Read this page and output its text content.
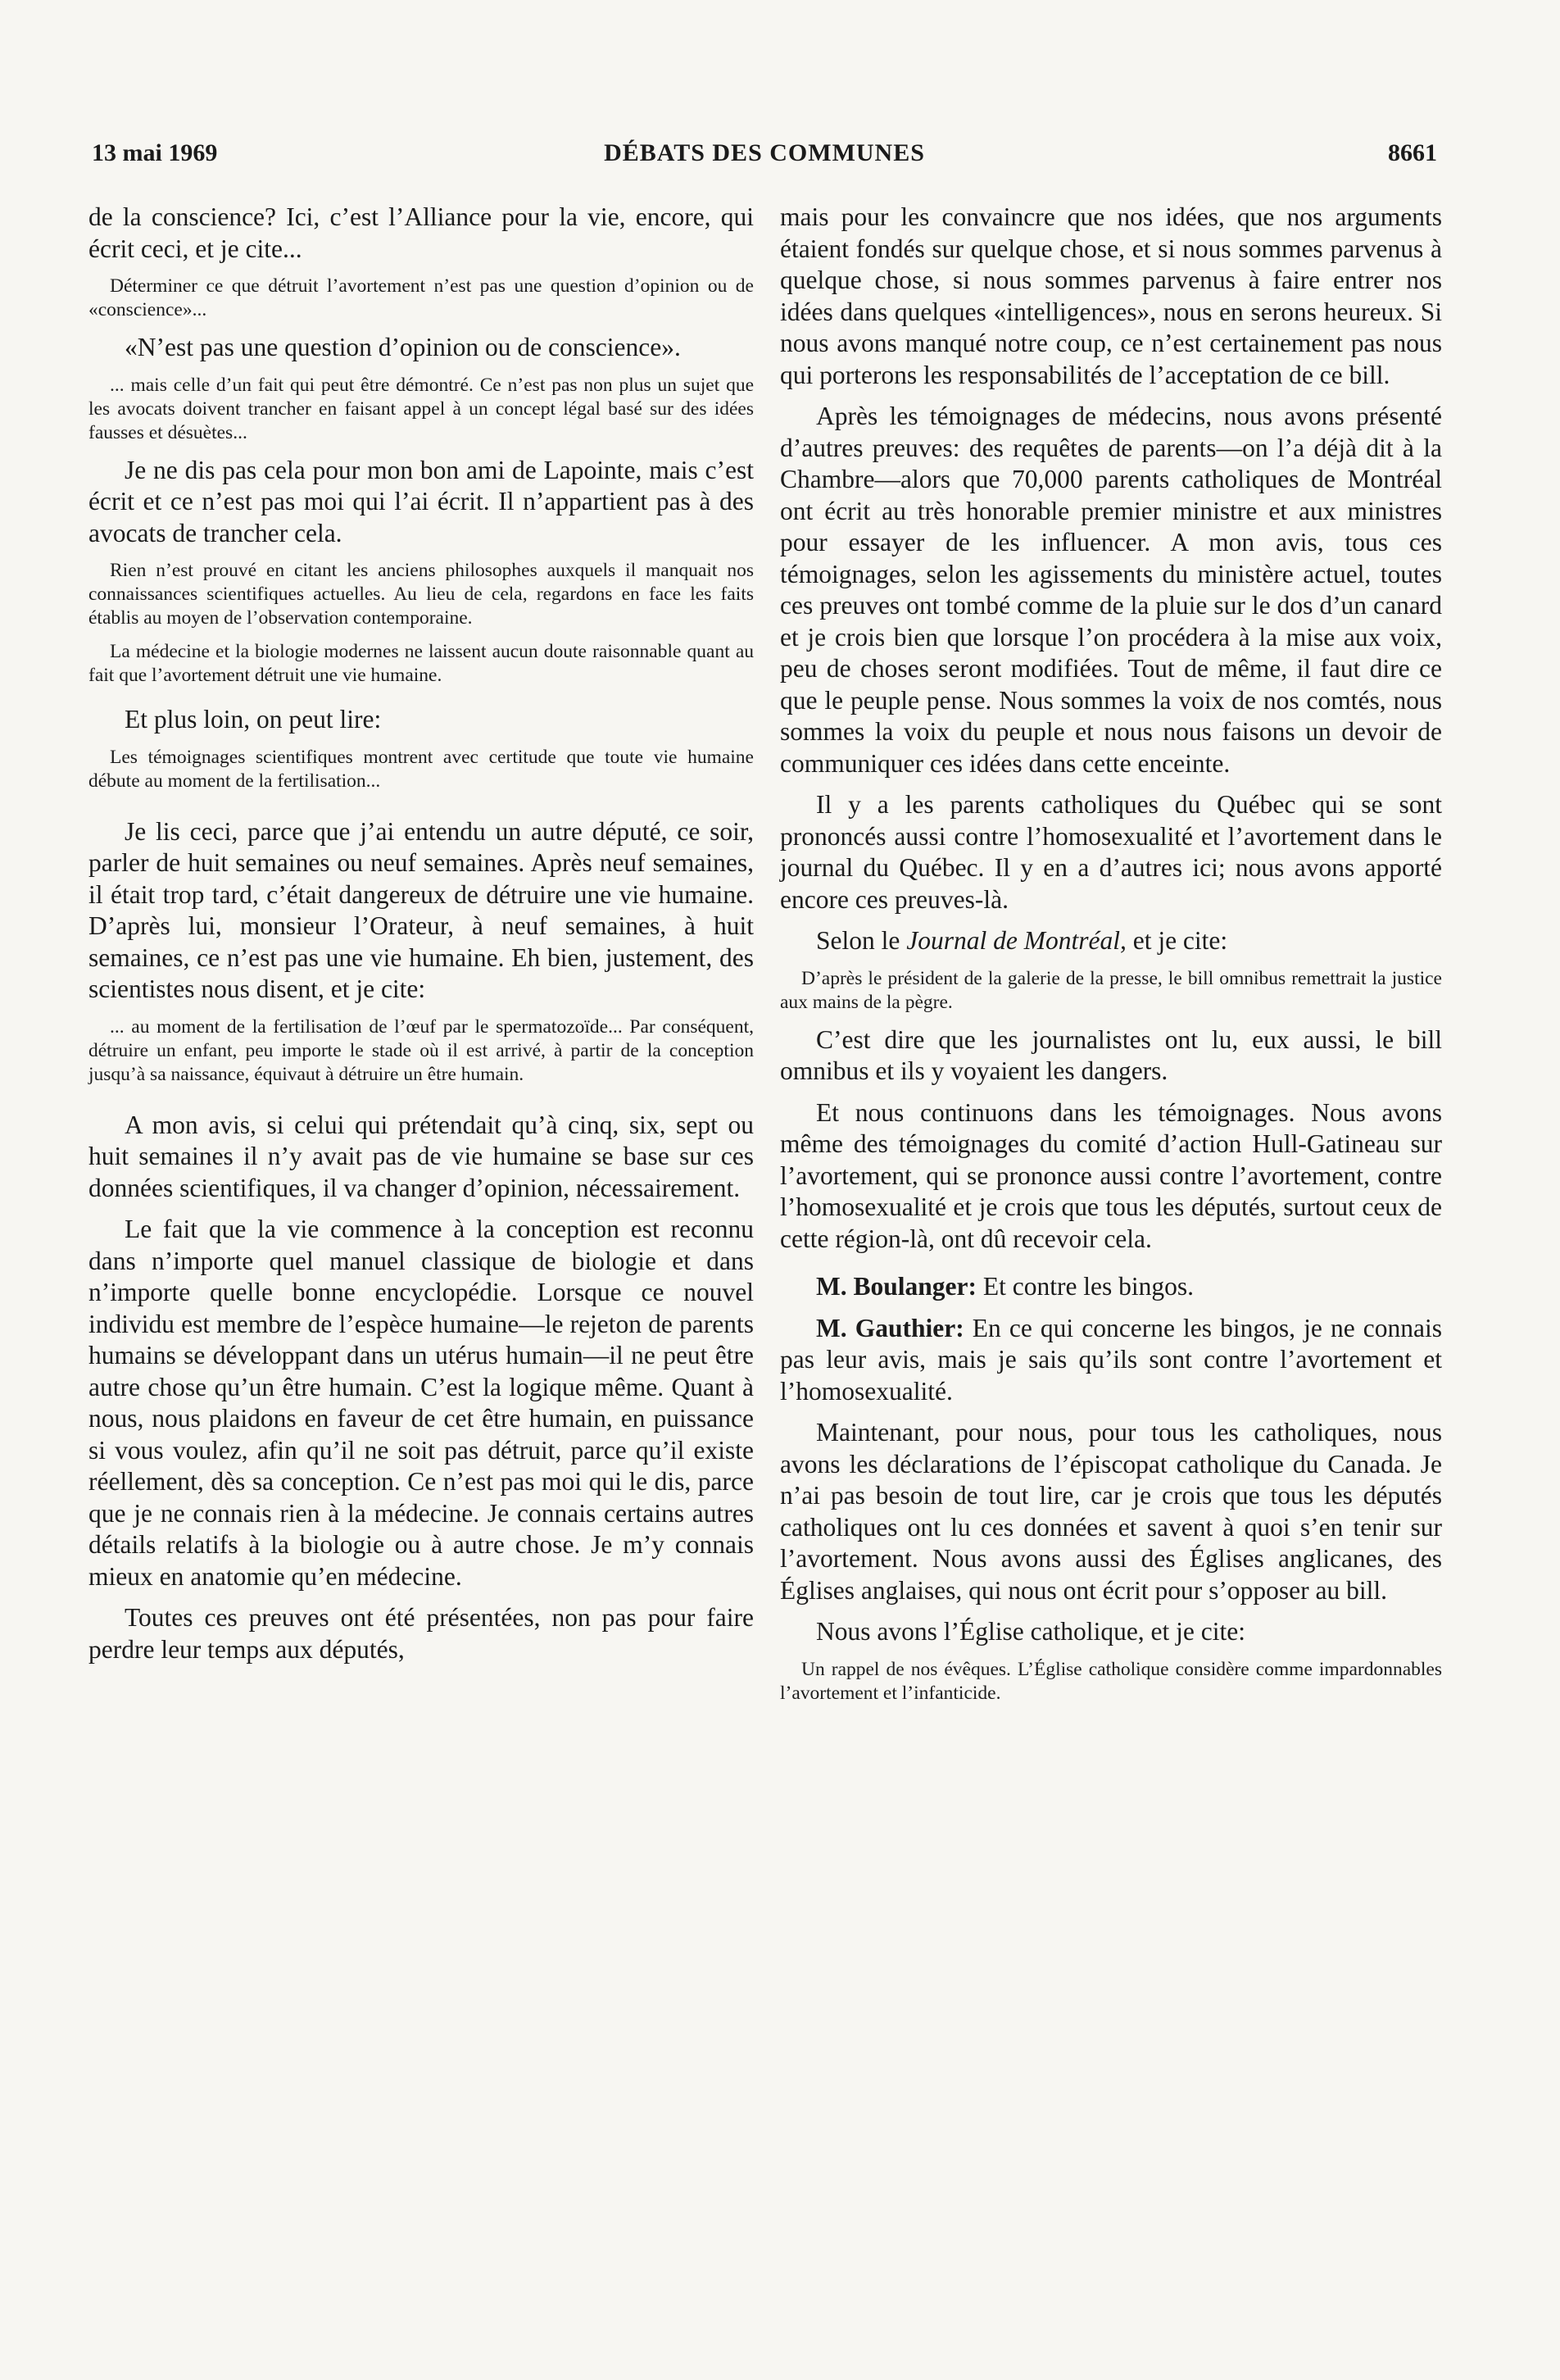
13 mai 1969	DÉBATS DES COMMUNES	8661

de la conscience? Ici, c’est l’Alliance pour la vie, encore, qui écrit ceci, et je cite...

Déterminer ce que détruit l’avortement n’est pas une question d’opinion ou de «conscience»...

«N’est pas une question d’opinion ou de conscience».

... mais celle d’un fait qui peut être démontré. Ce n’est pas non plus un sujet que les avocats doivent trancher en faisant appel à un concept légal basé sur des idées fausses et désuètes...

Je ne dis pas cela pour mon bon ami de Lapointe, mais c’est écrit et ce n’est pas moi qui l’ai écrit. Il n’appartient pas à des avocats de trancher cela.

Rien n’est prouvé en citant les anciens philosophes auxquels il manquait nos connaissances scientifiques actuelles. Au lieu de cela, regardons en face les faits établis au moyen de l’observation contemporaine.

La médecine et la biologie modernes ne laissent aucun doute raisonnable quant au fait que l’avortement détruit une vie humaine.

Et plus loin, on peut lire:

Les témoignages scientifiques montrent avec certitude que toute vie humaine débute au moment de la fertilisation...

Je lis ceci, parce que j’ai entendu un autre député, ce soir, parler de huit semaines ou neuf semaines. Après neuf semaines, il était trop tard, c’était dangereux de détruire une vie humaine. D’après lui, monsieur l’Orateur, à neuf semaines, à huit semaines, ce n’est pas une vie humaine. Eh bien, justement, des scientistes nous disent, et je cite:

... au moment de la fertilisation de l’œuf par le spermatozoïde... Par conséquent, détruire un enfant, peu importe le stade où il est arrivé, à partir de la conception jusqu’à sa naissance, équivaut à détruire un être humain.

A mon avis, si celui qui prétendait qu’à cinq, six, sept ou huit semaines il n’y avait pas de vie humaine se base sur ces données scientifiques, il va changer d’opinion, nécessairement.

Le fait que la vie commence à la conception est reconnu dans n’importe quel manuel classique de biologie et dans n’importe quelle bonne encyclopédie. Lorsque ce nouvel individu est membre de l’espèce humaine—le rejeton de parents humains se développant dans un utérus humain—il ne peut être autre chose qu’un être humain. C’est la logique même. Quant à nous, nous plaidons en faveur de cet être humain, en puissance si vous voulez, afin qu’il ne soit pas détruit, parce qu’il existe réellement, dès sa conception. Ce n’est pas moi qui le dis, parce que je ne connais rien à la médecine. Je connais certains autres détails relatifs à la biologie ou à autre chose. Je m’y connais mieux en anatomie qu’en médecine.

Toutes ces preuves ont été présentées, non pas pour faire perdre leur temps aux députés,

mais pour les convaincre que nos idées, que nos arguments étaient fondés sur quelque chose, et si nous sommes parvenus à quelque chose, si nous sommes parvenus à faire entrer nos idées dans quelques «intelligences», nous en serons heureux. Si nous avons manqué notre coup, ce n’est certainement pas nous qui porterons les responsabilités de l’acceptation de ce bill.

Après les témoignages de médecins, nous avons présenté d’autres preuves: des requêtes de parents—on l’a déjà dit à la Chambre—alors que 70,000 parents catholiques de Montréal ont écrit au très honorable premier ministre et aux ministres pour essayer de les influencer. A mon avis, tous ces témoignages, selon les agissements du ministère actuel, toutes ces preuves ont tombé comme de la pluie sur le dos d’un canard et je crois bien que lorsque l’on procédera à la mise aux voix, peu de choses seront modifiées. Tout de même, il faut dire ce que le peuple pense. Nous sommes la voix de nos comtés, nous sommes la voix du peuple et nous nous faisons un devoir de communiquer ces idées dans cette enceinte.

Il y a les parents catholiques du Québec qui se sont prononcés aussi contre l’homosexualité et l’avortement dans le journal du Québec. Il y en a d’autres ici; nous avons apporté encore ces preuves-là.

Selon le Journal de Montréal, et je cite:

D’après le président de la galerie de la presse, le bill omnibus remettrait la justice aux mains de la pègre.

C’est dire que les journalistes ont lu, eux aussi, le bill omnibus et ils y voyaient les dangers.

Et nous continuons dans les témoignages. Nous avons même des témoignages du comité d’action Hull-Gatineau sur l’avortement, qui se prononce aussi contre l’avortement, contre l’homosexualité et je crois que tous les députés, surtout ceux de cette région-là, ont dû recevoir cela.

M. Boulanger: Et contre les bingos.

M. Gauthier: En ce qui concerne les bingos, je ne connais pas leur avis, mais je sais qu’ils sont contre l’avortement et l’homosexualité.

Maintenant, pour nous, pour tous les catholiques, nous avons les déclarations de l’épiscopat catholique du Canada. Je n’ai pas besoin de tout lire, car je crois que tous les députés catholiques ont lu ces données et savent à quoi s’en tenir sur l’avortement. Nous avons aussi des Églises anglicanes, des Églises anglaises, qui nous ont écrit pour s’opposer au bill.

Nous avons l’Église catholique, et je cite:

Un rappel de nos évêques. L’Église catholique considère comme impardonnables l’avortement et l’infanticide.
